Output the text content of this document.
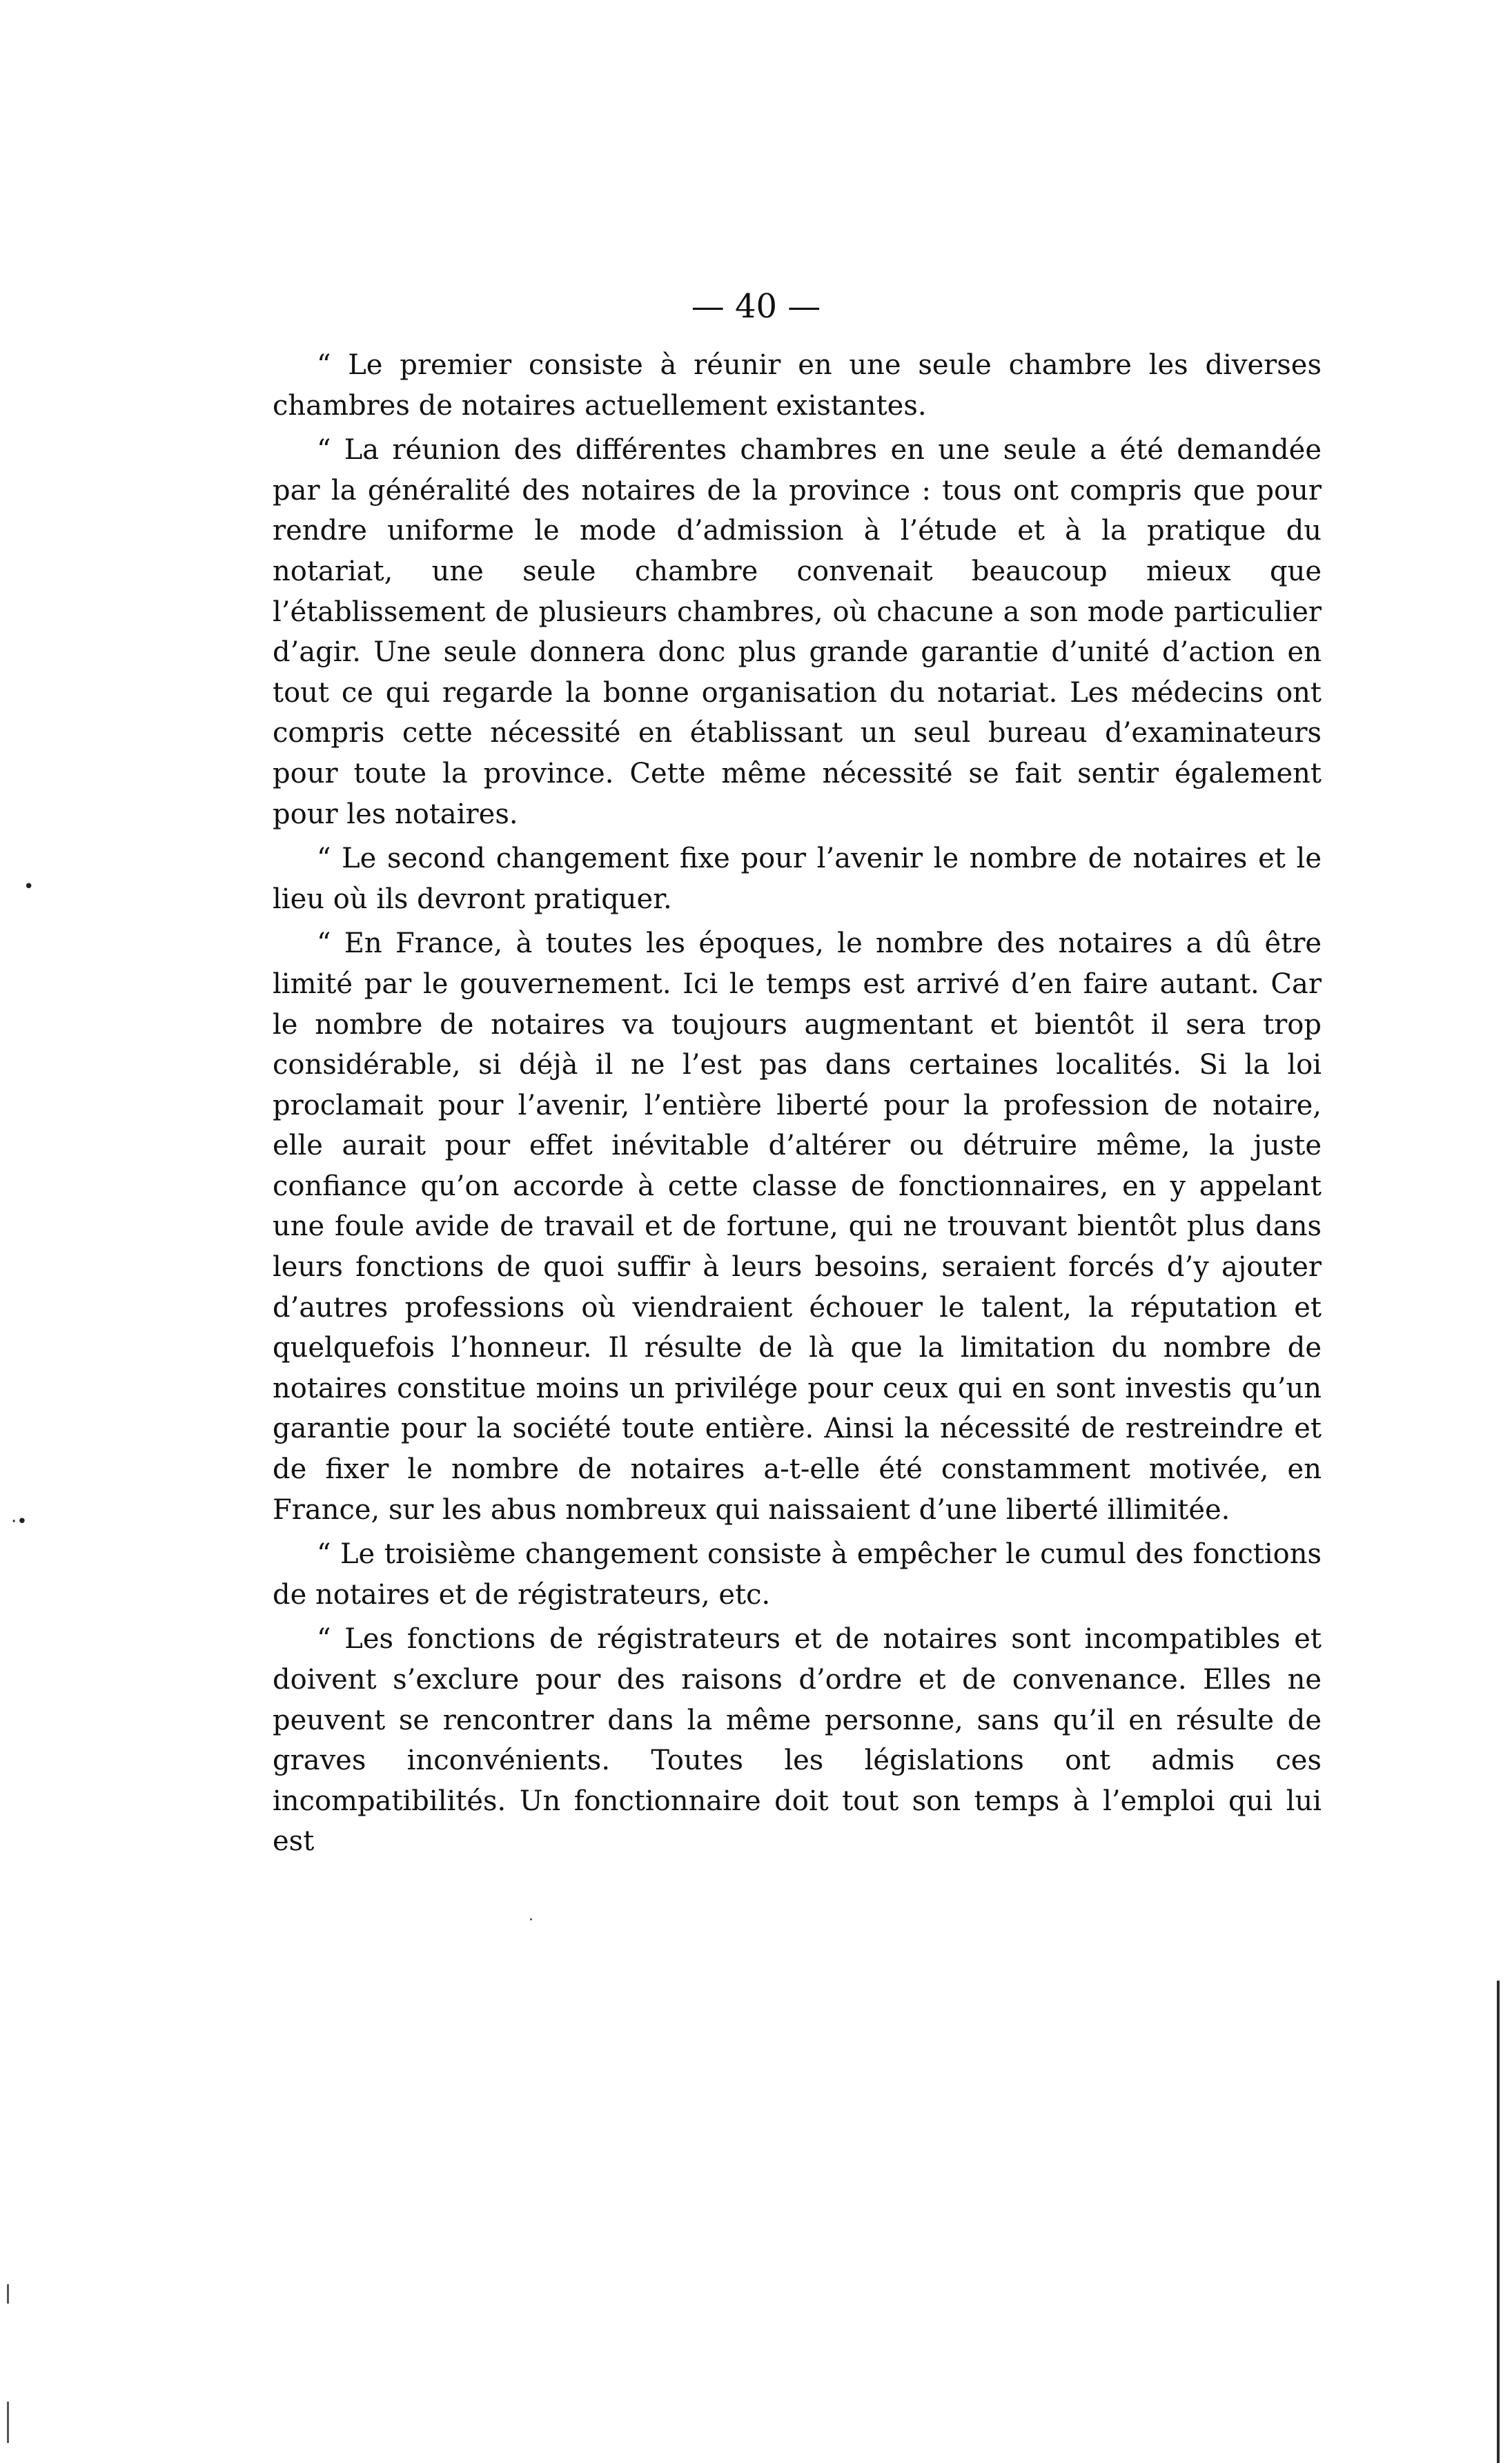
— 40 —

“ Le premier consiste à réunir en une seule chambre les diverses chambres de notaires actuellement existantes.

“ La réunion des différentes chambres en une seule a été demandée par la généralité des notaires de la province : tous ont compris que pour rendre uniforme le mode d’admission à l’étude et à la pratique du notariat, une seule chambre convenait beaucoup mieux que l’établissement de plusieurs chambres, où chacune a son mode particulier d’agir. Une seule donnera donc plus grande garantie d’unité d’action en tout ce qui regarde la bonne organisation du notariat. Les médecins ont compris cette nécessité en établissant un seul bureau d’examinateurs pour toute la province. Cette même nécessité se fait sentir également pour les notaires.

“ Le second changement fixe pour l’avenir le nombre de notaires et le lieu où ils devront pratiquer.

“ En France, à toutes les époques, le nombre des notaires a dû être limité par le gouvernement. Ici le temps est arrivé d’en faire autant. Car le nombre de notaires va toujours augmentant et bientôt il sera trop considérable, si déjà il ne l’est pas dans certaines localités. Si la loi proclamait pour l’avenir, l’entière liberté pour la profession de notaire, elle aurait pour effet inévitable d’altérer ou détruire même, la juste confiance qu’on accorde à cette classe de fonctionnaires, en y appelant une foule avide de travail et de fortune, qui ne trouvant bientôt plus dans leurs fonctions de quoi suffir à leurs besoins, seraient forcés d’y ajouter d’autres professions où viendraient échouer le talent, la réputation et quelquefois l’honneur. Il résulte de là que la limitation du nombre de notaires constitue moins un privilége pour ceux qui en sont investis qu’un garantie pour la société toute entière. Ainsi la nécessité de restreindre et de fixer le nombre de notaires a-t-elle été constamment motivée, en France, sur les abus nombreux qui naissaient d’une liberté illimitée.

“ Le troisième changement consiste à empêcher le cumul des fonctions de notaires et de régistrateurs, etc.

“ Les fonctions de régistrateurs et de notaires sont incompatibles et doivent s’exclure pour des raisons d’ordre et de convenance. Elles ne peuvent se rencontrer dans la même personne, sans qu’il en résulte de graves inconvénients. Toutes les législations ont admis ces incompatibilités. Un fonctionnaire doit tout son temps à l’emploi qui lui est

•
·•
·
